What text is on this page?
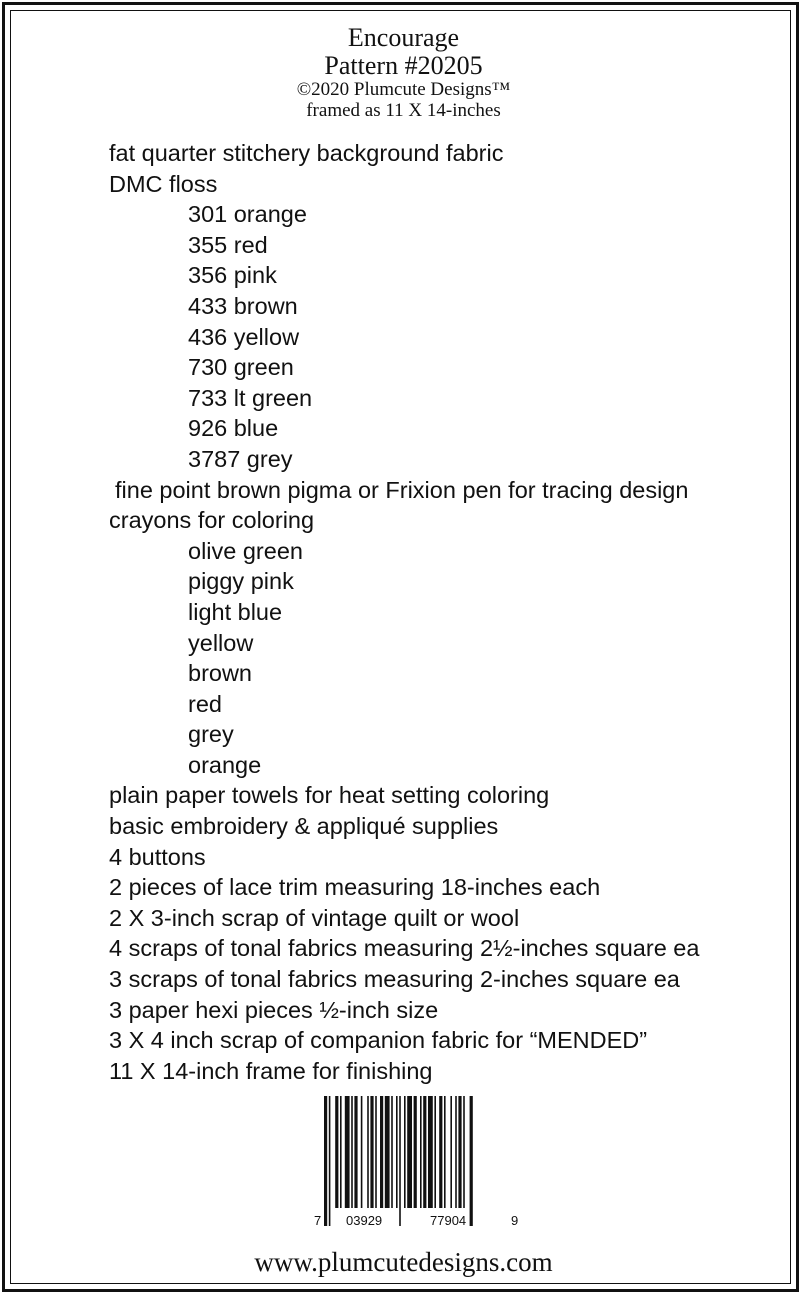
Encourage
Pattern #20205
©2020 Plumcute Designs™
framed as 11 X 14-inches
fat quarter stitchery background fabric
DMC floss
301 orange
355 red
356 pink
433 brown
436 yellow
730 green
733 lt green
926 blue
3787 grey
fine point brown pigma or Frixion pen for tracing design
crayons for coloring
olive green
piggy pink
light blue
yellow
brown
red
grey
orange
plain paper towels for heat setting coloring
basic embroidery & appliqué supplies
4 buttons
2 pieces of lace trim measuring 18-inches each
2 X 3-inch scrap of vintage quilt or wool
4 scraps of tonal fabrics measuring 2½-inches square ea
3 scraps of tonal fabrics measuring 2-inches square ea
3 paper hexi pieces ½-inch size
3 X 4 inch scrap of companion fabric for “MENDED”
11 X 14-inch frame for finishing
7 03929	77904	9
www.plumcutedesigns.com
